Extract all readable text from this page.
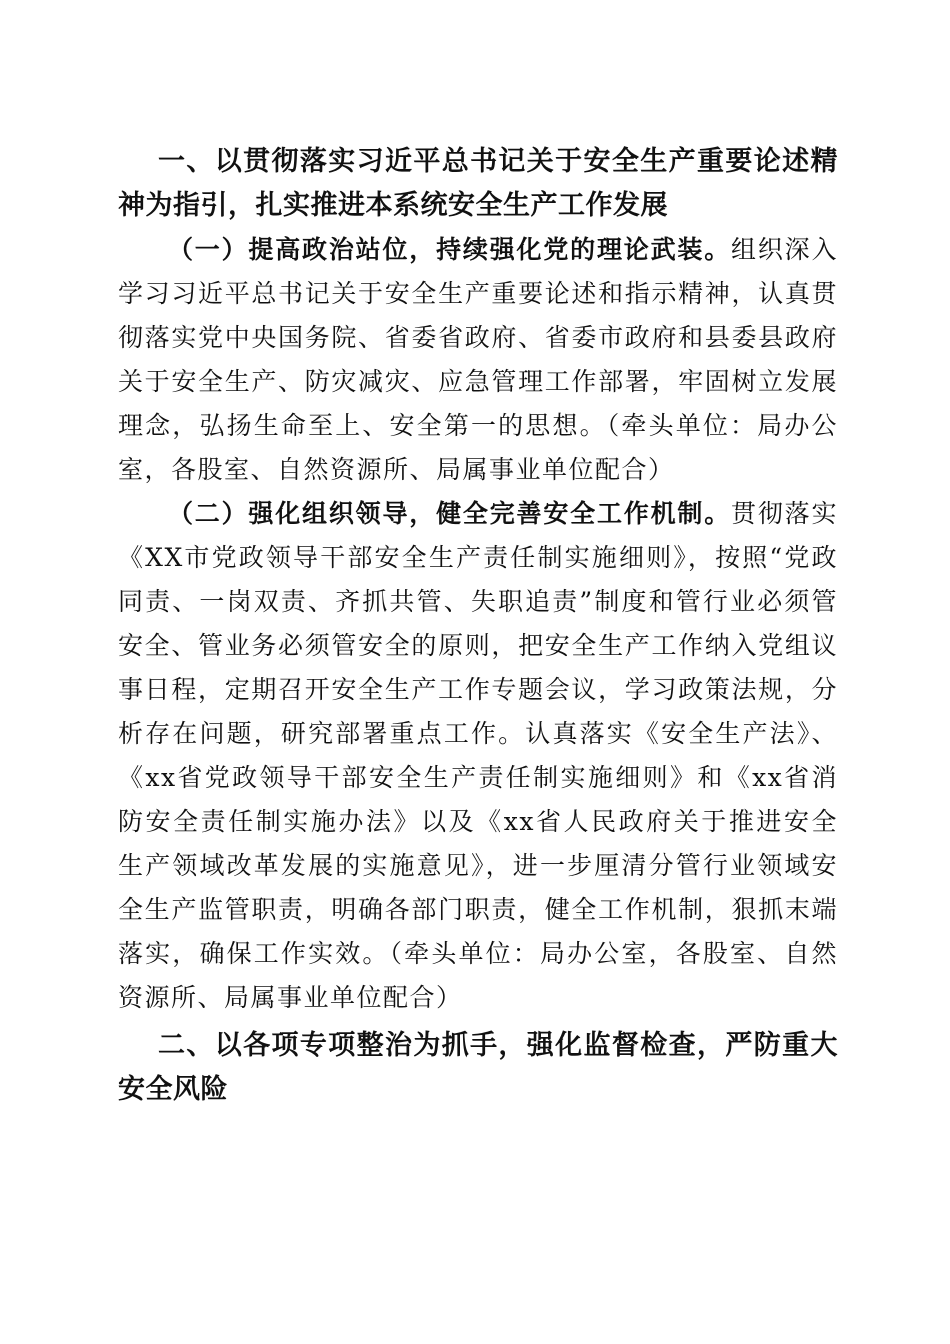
一、以贯彻落实习近平总书记关于安全生产重要论述精神为指引，扎实推进本系统安全生产工作发展

（一）提高政治站位，持续强化党的理论武装。组织深入学习习近平总书记关于安全生产重要论述和指示精神，认真贯彻落实党中央国务院、省委省政府、省委市政府和县委县政府关于安全生产、防灾减灾、应急管理工作部署，牢固树立发展理念，弘扬生命至上、安全第一的思想。（牵头单位：局办公室，各股室、自然资源所、局属事业单位配合）

（二）强化组织领导，健全完善安全工作机制。贯彻落实《XX市党政领导干部安全生产责任制实施细则》，按照“党政同责、一岗双责、齐抓共管、失职追责”制度和管行业必须管安全、管业务必须管安全的原则，把安全生产工作纳入党组议事日程，定期召开安全生产工作专题会议，学习政策法规，分析存在问题，研究部署重点工作。认真落实《安全生产法》、《xx省党政领导干部安全生产责任制实施细则》和《xx省消防安全责任制实施办法》以及《xx省人民政府关于推进安全生产领域改革发展的实施意见》，进一步厘清分管行业领域安全生产监管职责，明确各部门职责，健全工作机制，狠抓末端落实，确保工作实效。（牵头单位：局办公室，各股室、自然资源所、局属事业单位配合）

二、以各项专项整治为抓手，强化监督检查，严防重大安全风险
